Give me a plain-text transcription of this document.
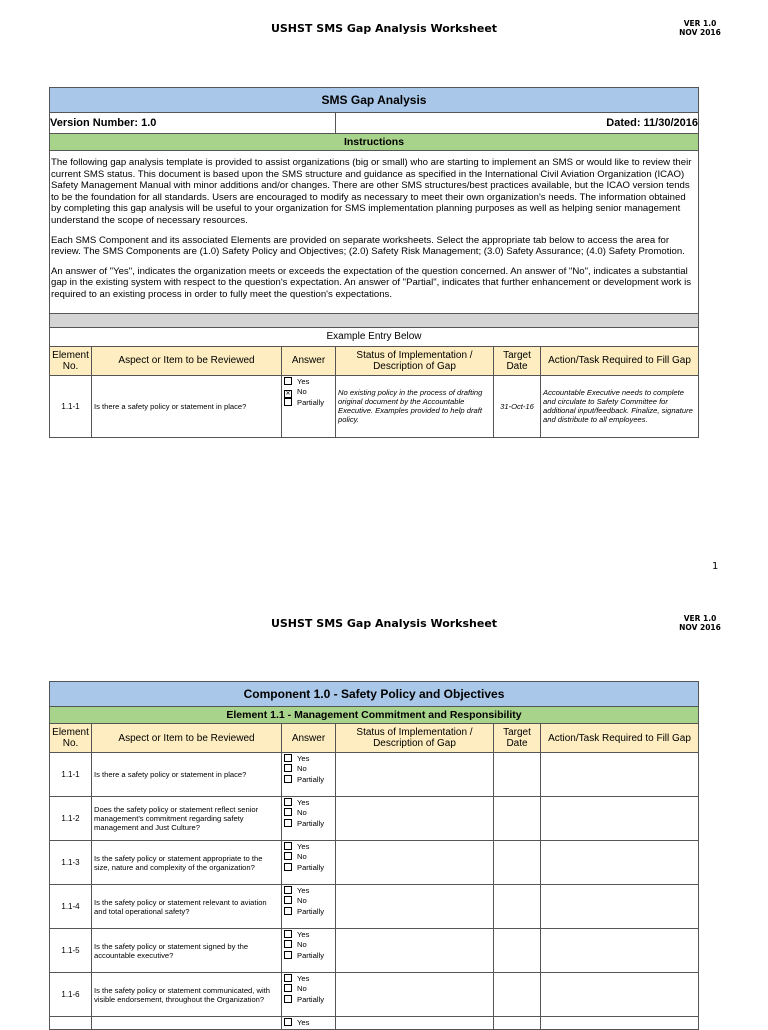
USHST SMS Gap Analysis Worksheet	VER 1.0
NOV 2016
SMS Gap Analysis					
Version Number: 1.0			Dated: 11/30/2016		
Instructions					

The following gap analysis template is provided to assist organizations (big or small) who are starting to implement an SMS or would like to review their current SMS status. This document is based upon the SMS structure and guidance as specified in the International Civil Aviation Organization (ICAO) Safety Management Manual with minor additions and/or changes. There are other SMS structures/best practices available, but the ICAO version tends to be the foundation for all standards. Users are encouraged to modify as necessary to meet their own organization's needs. The information obtained by completing this gap analysis will be useful to your organization for SMS implementation planning purposes as well as helping senior management understand the scope of necessary resources.

Each SMS Component and its associated Elements are provided on separate worksheets. Select the appropriate tab below to access the area for review. The SMS Components are (1.0) Safety Policy and Objectives; (2.0) Safety Risk Management; (3.0) Safety Assurance; (4.0) Safety Promotion.

An answer of "Yes", indicates the organization meets or exceeds the expectation of the question concerned. An answer of "No", indicates a substantial gap in the existing system with respect to the question's expectation. An answer of "Partial", indicates that further enhancement or development work is required to an existing process in order to fully meet the question's expectations.					

Example Entry Below					
Element No.	Aspect or Item to be Reviewed	Answer	Status of Implementation / Description of Gap	Target Date	Action/Task Required to Fill Gap
1.1-1	Is there a safety policy or statement in place?	Yes
✕ No
Partially	No existing policy in the process of drafting original document by the Accountable Executive. Examples provided to help draft policy.	31-Oct-16	Accountable Executive needs to complete and circulate to Safety Committee for additional input/feedback. Finalize, signature and distribute to all employees.
1
USHST SMS Gap Analysis Worksheet	VER 1.0
NOV 2016
Component 1.0 - Safety Policy and Objectives					
Element 1.1 - Management Commitment and Responsibility					
Element No.	Aspect or Item to be Reviewed	Answer	Status of Implementation / Description of Gap	Target Date	Action/Task Required to Fill Gap
1.1-1	Is there a safety policy or statement in place?	Yes
No
Partially			

1.1-2	Does the safety policy or statement reflect senior management's commitment regarding safety management and Just Culture?	Yes
No
Partially			

1.1-3	Is the safety policy or statement appropriate to the size, nature and complexity of the organization?	Yes
No
Partially			

1.1-4	Is the safety policy or statement relevant to aviation and total operational safety?	Yes
No
Partially			

1.1-5	Is the safety policy or statement signed by the accountable executive?	Yes
No
Partially			

1.1-6	Is the safety policy or statement communicated, with visible endorsement, throughout the Organization?	Yes
No
Partially			

		Yes			
